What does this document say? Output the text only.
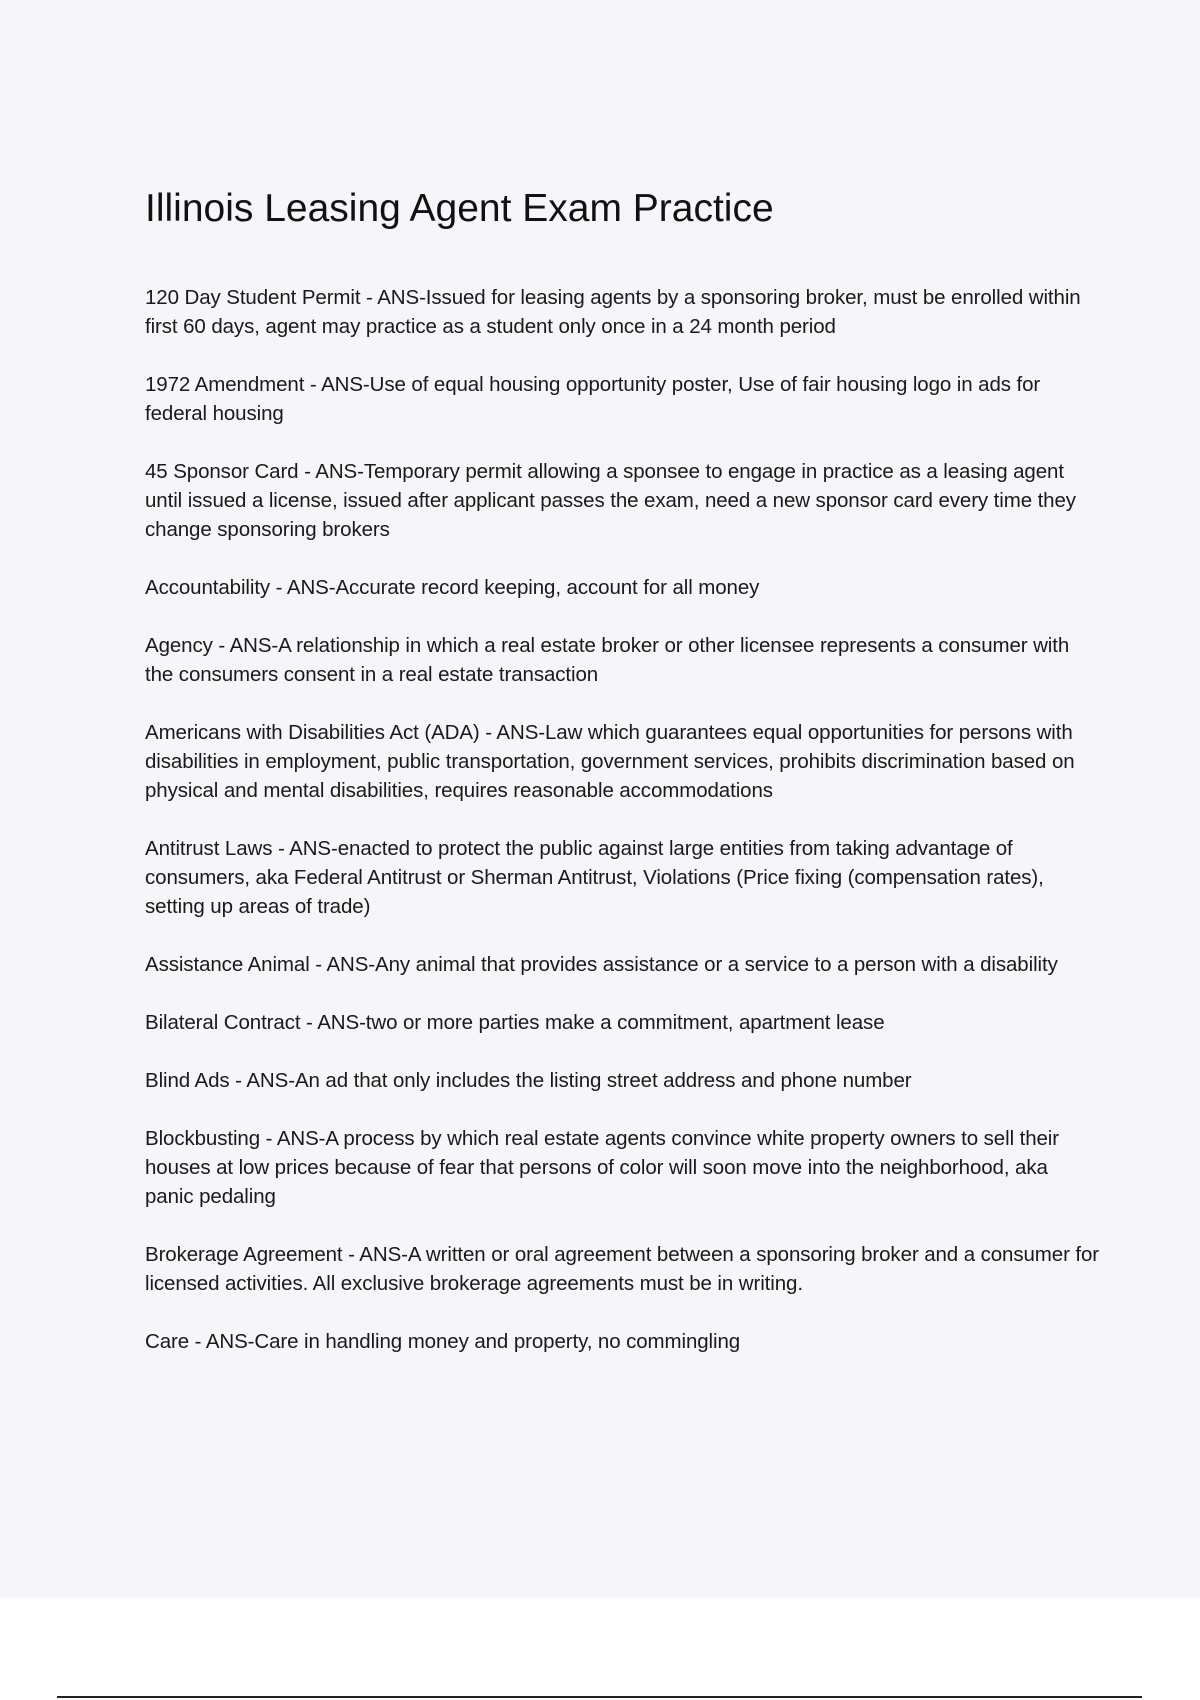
Illinois Leasing Agent Exam Practice

120 Day Student Permit - ANS-Issued for leasing agents by a sponsoring broker, must be enrolled within first 60 days, agent may practice as a student only once in a 24 month period

1972 Amendment - ANS-Use of equal housing opportunity poster, Use of fair housing logo in ads for federal housing

45 Sponsor Card - ANS-Temporary permit allowing a sponsee to engage in practice as a leasing agent until issued a license, issued after applicant passes the exam, need a new sponsor card every time they change sponsoring brokers

Accountability - ANS-Accurate record keeping, account for all money

Agency - ANS-A relationship in which a real estate broker or other licensee represents a consumer with the consumers consent in a real estate transaction

Americans with Disabilities Act (ADA) - ANS-Law which guarantees equal opportunities for persons with disabilities in employment, public transportation, government services, prohibits discrimination based on physical and mental disabilities, requires reasonable accommodations

Antitrust Laws - ANS-enacted to protect the public against large entities from taking advantage of consumers, aka Federal Antitrust or Sherman Antitrust, Violations (Price fixing (compensation rates), setting up areas of trade)

Assistance Animal - ANS-Any animal that provides assistance or a service to a person with a disability

Bilateral Contract - ANS-two or more parties make a commitment, apartment lease

Blind Ads - ANS-An ad that only includes the listing street address and phone number

Blockbusting - ANS-A process by which real estate agents convince white property owners to sell their houses at low prices because of fear that persons of color will soon move into the neighborhood, aka panic pedaling

Brokerage Agreement - ANS-A written or oral agreement between a sponsoring broker and a consumer for licensed activities. All exclusive brokerage agreements must be in writing.

Care - ANS-Care in handling money and property, no commingling
